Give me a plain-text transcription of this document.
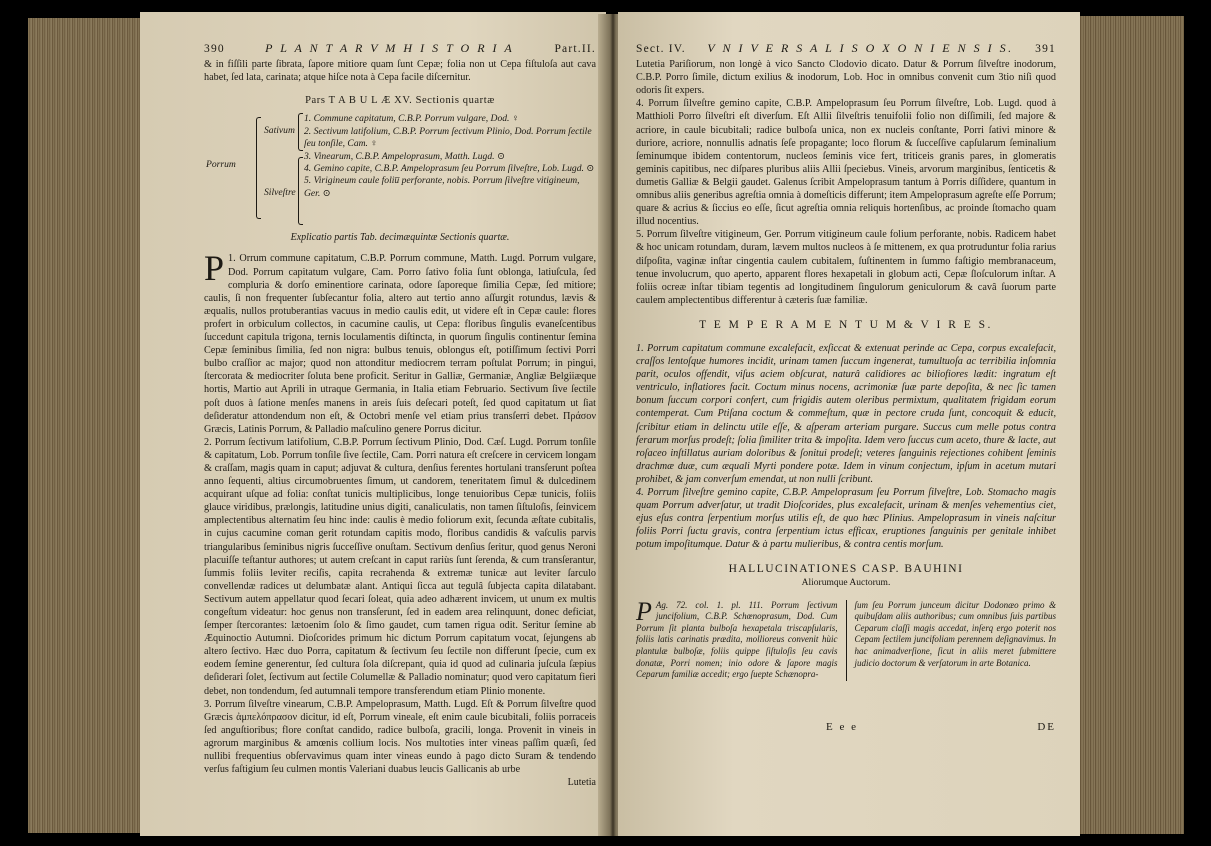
390	P L A N T A R V M H I S T O R I A	Part.II.

& in fiſſili parte ſibrata, ſapore mitiore quam ſunt Cepæ; folia non ut Cepa fiſtuloſa aut cava habet, ſed lata, carinata; atque hiſce nota à Cepa facile diſcernitur.

Pars T A B U L Æ XV. Sectionis quartæ
Porrum
Sativum
Silveſtre
1. Commune capitatum, C.B.P. Porrum vulgare, Dod. ♀
2. Sectivum latifolium, C.B.P. Porrum ſectivum Plinio, Dod. Porrum ſectile ſeu tonſile, Cam. ♀
3. Vinearum, C.B.P. Ampeloprasum, Matth. Lugd. ⊙
4. Gemino capite, C.B.P. Ampeloprasum ſeu Porrum ſilveſtre, Lob. Lugd. ⊙
5. Virigineum caule foliu̅ perforante, nobis. Porrum ſilveſtre vitigineum, Ger. ⊙
Explicatio partis Tab. decimæquintæ Sectionis quartæ.

P 1. Orrum commune capitatum, C.B.P. Porrum commune, Matth. Lugd. Porrum vulgare, Dod. Porrum capitatum vulgare, Cam. Porro ſativo folia ſunt oblonga, latiuſcula, ſed compluria & dorſo eminentiore carinata, odore ſaporeque ſimilia Cepæ, ſed mitiore; caulis, ſi non frequenter ſubſecantur folia, altero aut tertio anno aſſurgit rotundus, lævis & æqualis, nullos protuberantias vacuus in medio caulis edit, ut videre eſt in Cepæ caule: flores profert in orbiculum collectos, in cacumine caulis, ut Cepa: floribus ſingulis evaneſcentibus ſuccedunt capitula trigona, ternis loculamentis diſtincta, in quorum ſingulis continentur ſemina Cepæ ſeminibus ſimilia, ſed non nigra: bulbus tenuis, oblongus eſt, potiſſimum ſectivi Porri bulbo craſſior ac major; quod non attonditur mediocrem terram poſtulat Porrum; in pingui, ſtercorata & mediocriter ſoluta bene proficit. Seritur in Galliæ, Germaniæ, Angliæ Belgiiæque hortis, Martio aut Aprili in utraque Germania, in Italia etiam Februario. Sectivum ſive ſectile poſt duos à ſatione menſes manens in areis ſuis deſecari poteſt, ſed quod capitatum ut ſiat deſideratur attondendum non eſt, & Octobri menſe vel etiam prius transſerri debet. Πράσον Græcis, Latinis Porrum, & Palladio maſculino genere Porrus dicitur.

2. Porrum ſectivum latifolium, C.B.P. Porrum ſectivum Plinio, Dod. Cæſ. Lugd. Porrum tonſile & capitatum, Lob. Porrum tonſile ſive ſectile, Cam. Porri natura eſt creſcere in cervicem longam & craſſam, magis quam in caput; adjuvat & cultura, denſius ferentes hortulani transſerunt poſtea anno ſequenti, altius circumobruentes ſimum, ut candorem, teneritatem ſimul & dulcedinem acquirant uſque ad folia: conſtat tunicis multiplicibus, longe tenuioribus Cepæ tunicis, foliis glauce viridibus, prælongis, latitudine unius digiti, canaliculatis, non tamen ſiſtuloſis, ſeinvicem amplectentibus alternatim ſeu hinc inde: caulis è medio foliorum exit, ſecunda æſtate cubitalis, in cujus cacumine coman gerit rotundam capitis modo, floribus candidis & vaſculis parvis triangularibus ſeminibus nigris ſucceſſive onuſtam. Sectivum denſius ſeritur, quod genus Neroni placuiſſe teſtantur authores; ut autem creſcant in caput rariùs ſunt ſerenda, & cum transſerantur, ſummis foliis leviter reciſis, capita recrahenda & extremæ tunicæ aut leviter ſarculo convellendæ radices ut delumbatæ alant. Antiqui ſicca aut tegulâ ſubjecta capita dilatabant. Sectivum autem appellatur quod ſecari ſoleat, quia adeo adhærent invicem, ut unum ex multis congeſtum videatur: hoc genus non transſerunt, ſed in eadem area relinquunt, donec deficiat, ſemper ſtercorantes: lætoenim ſolo & ſimo gaudet, cum tamen rigua odit. Seritur ſemine ab Æquinoctio Autumni. Dioſcorides primum hic dictum Porrum capitatum vocat, ſejungens ab altero ſectivo. Hæc duo Porra, capitatum & ſectivum ſeu ſectile non differunt ſpecie, cum ex eodem ſemine generentur, ſed cultura ſola diſcrepant, quia id quod ad culinaria juſcula ſæpius deſiderari ſolet, ſectivum aut ſectile Columellæ & Palladio nominatur; quod vero capitatum fieri debet, non tondendum, ſed autumnali tempore transferendum etiam Plinio monente.

3. Porrum ſilveſtre vinearum, C.B.P. Ampeloprasum, Matth. Lugd. Eſt & Porrum ſilveſtre quod Græcis ἀμπελόπρασον dicitur, id eſt, Porrum vineale, eſt enim caule bicubitali, foliis porraceis ſed anguſtioribus; flore conſtat candido, radice bulboſa, gracili, longa. Provenit in vineis in agrorum marginibus & amœnis collium locis. Nos multoties inter vineas paſſim quæſi, ſed nullibi frequentius obſervavimus quam inter vineas eundo à pago dicto Suram & tendendo verſus faſtigium ſeu culmen montis Valeriani duabus leucis Gallicanis ab urbe

Lutetia
Sect. IV. V N I V E R S A L I S O X O N I E N S I S. 391

Lutetia Pariſiorum, non longè à vico Sancto Clodovio dicato. Datur & Porrum ſilveſtre inodorum, C.B.P. Porro ſimile, dictum exilius & inodorum, Lob. Hoc in omnibus convenit cum 3tio niſi quod odoris ſit expers.

4. Porrum ſilveſtre gemino capite, C.B.P. Ampeloprasum ſeu Porrum ſilveſtre, Lob. Lugd. quod à Matthioli Porro ſilveſtri eſt diverſum. Eſt Allii ſilveſtris tenuifolii folio non diſſimili, ſed majore & acriore, in caule bicubitali; radice bulboſa unica, non ex nucleis conſtante, Porri ſativi minore & duriore, acriore, nonnullis adnatis ſeſe propagante; loco florum & ſucceſſive capſularum ſeminalium ſeminumque ibidem contentorum, nucleos ſeminis vice fert, triticeis granis pares, in glomeratis geminis capitibus, nec diſpares pluribus aliis Allii ſpeciebus. Vineis, arvorum marginibus, ſenticetis & dumetis Galliæ & Belgii gaudet. Galenus ſcribit Ampeloprasum tantum à Porris diſſidere, quantum in omnibus aliis generibus agreſtia omnia à domeſticis differunt; item Ampeloprasum agreſte eſſe Porrum; quare & acrius & ſiccius eo eſſe, ſicut agreſtia omnia reliquis hortenſibus, ac proinde ſtomacho quam illud nocentius.

5. Porrum ſilveſtre vitigineum, Ger. Porrum vitigineum caule folium perforante, nobis. Radicem habet & hoc unicam rotundam, duram, lævem multos nucleos à ſe mittenem, ex qua protruduntur folia rarius diſpoſita, vaginæ inſtar cingentia caulem cubitalem, ſuſtinentem in ſummo faſtigio membranaceum, tenue involucrum, quo aperto, apparent flores hexapetali in globum acti, Cepæ ſloſculorum inſtar. A foliis ocreæ inſtar tibiam tegentis ad longitudinem ſingulorum geniculorum & cavâ ſuorum parte caulem amplectentibus differentur à cæteris ſuæ familiæ.

T E M P E R A M E N T U M & V I R E S.

1. Porrum capitatum commune excalefacit, exſiccat & extenuat perinde ac Cepa, corpus excalefacit, craſſos lentoſque humores incidit, urinam tamen ſuccum ingenerat, tumultuoſa ac terribilia inſomnia parit, oculos offendit, viſus aciem obſcurat, naturâ calidiores ac biliofiores lædit: ingratum eſt ventriculo, inflatiores facit. Coctum minus nocens, acrimoniæ ſuæ parte depoſita, & nec ſic tamen bonum ſuccum corpori confert, cum frigidis autem oleribus permixtum, qualitatem frigidam eorum contemperat. Cum Ptiſana coctum & commeſtum, quæ in pectore cruda ſunt, concoquit & educit, ſcribitur etiam in delinctu utile eſſe, & aſperam arteriam purgare. Succus cum melle potus contra ferarum morſus prodeſt; ſolia ſimiliter trita & impoſita. Idem vero ſuccus cum aceto, thure & lacte, aut roſaceo inſtillatus auriam doloribus & ſonitui prodeſt; veteres ſanguinis rejectiones cohibent ſeminis drachmæ duæ, cum æquali Myrti pondere potæ. Idem in vinum conjectum, ipſum in acetum mutari prohibet, & jam converſum emendat, ut non nulli ſcribunt.

4. Porrum ſilveſtre gemino capite, C.B.P. Ampeloprasum ſeu Porrum ſilveſtre, Lob. Stomacho magis quam Porrum adverſatur, ut tradit Dioſcorides, plus excalefacit, urinam & menſes vehementius ciet, ejus eſus contra ſerpentium morſus utilis eſt, de quo hæc Plinius. Ampeloprasum in vineis naſcitur foliis Porri ſuctu gravis, contra ſerpentium ictus efficax, eruptiones ſanguinis per genitale inhibet potum impoſitumque. Datur & à partu mulieribus, & contra centis morſum.

HALLUCINATIONES CASP. BAUHINI
Aliorumque Auctorum.
P Ag. 72. col. 1. pl. 111. Porrum ſectivum juncifolium, C.B.P. Schœnoprasum, Dod. Cum Porrum ſit planta bulboſa hexapetala triscapſularis, foliis latis carinatis prædita, mollioreus convenit hùic plantulæ bulboſæ, foliis quippe ſiſtuloſis ſeu cavis donatæ, Porri nomen; inio odore & ſapore magis Ceparum familiæ accedit; ergo ſuepte Schænopra-
ſum ſeu Porrum junceum dicitur Dodonæo primo & quibuſdam aliis authoribus; cum omnibus ſuis partibus Ceparum claſſi magis accedat, inſerq ergo poterit nos Cepam ſectilem juncifoliam perennem deſignavimus. In hac animadverſione, ſicut in aliis meret ſubmittere judicio doctorum & verſatorum in arte Botanica.
E e e	DE
